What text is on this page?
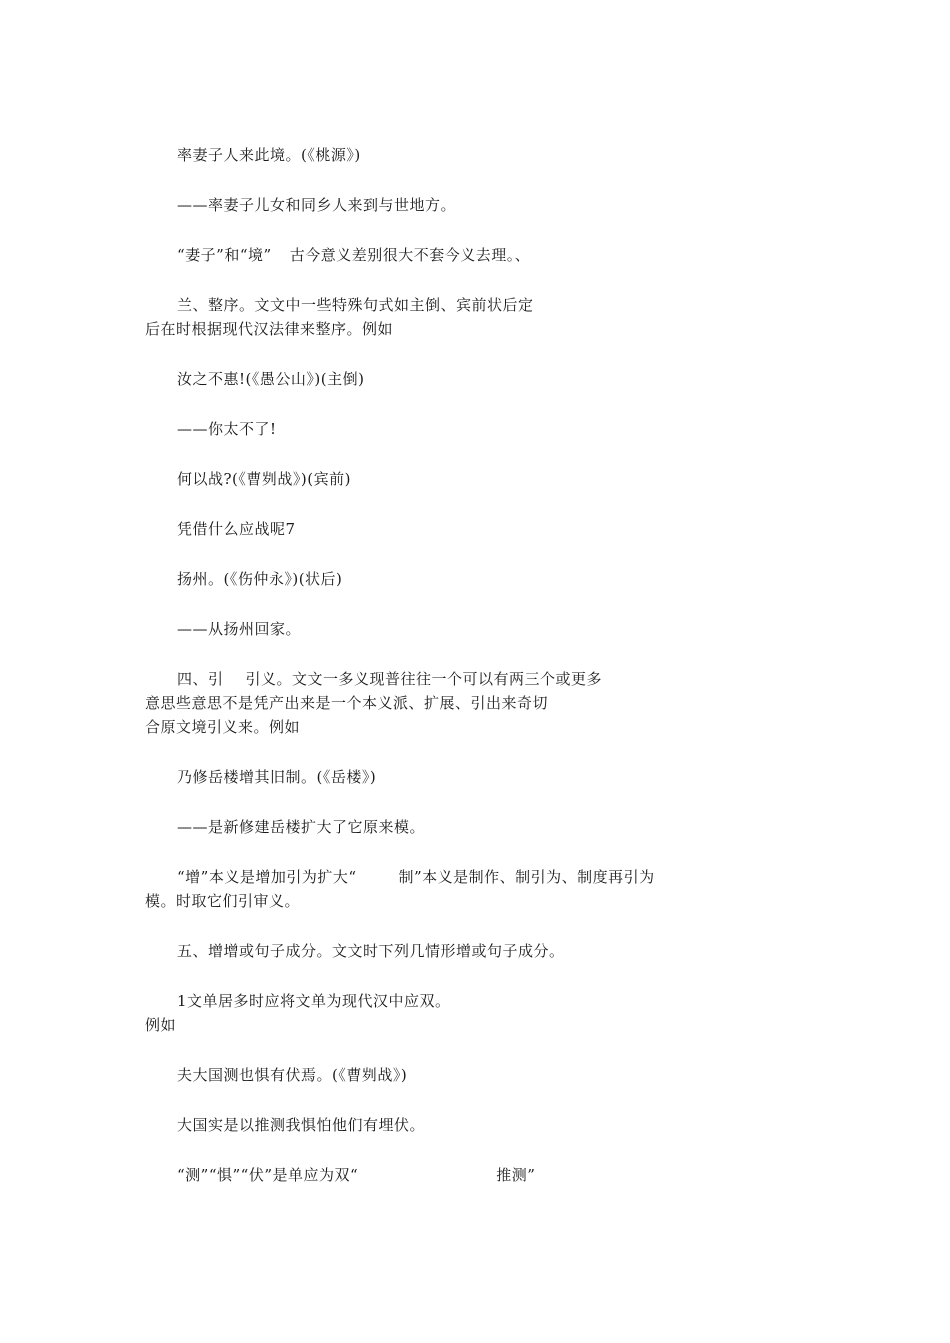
率妻子人来此境。(《桃源》)
——率妻子儿女和同乡人来到与世地方。
“妻子”和“境” 古今意义差别很大不套今义去理。、
兰、整序。文文中一些特殊句式如主倒、宾前状后定
后在时根据现代汉法律来整序。例如
汝之不惠!(《愚公山》)(主倒)
——你太不了!
何以战?(《曹刿战》)(宾前)
凭借什么应战呢7
扬州。(《伤仲永》)(状后)
——从扬州回家。
四、引 引义。文文一多义现普往往一个可以有两三个或更多
意思些意思不是凭产出来是一个本义派、扩展、引出来奇切
合原文境引义来。例如
乃修岳楼增其旧制。(《岳楼》)
——是新修建岳楼扩大了它原来模。
“增”本义是增加引为扩大“	制”本义是制作、制引为、制度再引为
模。时取它们引审义。
五、增增或句子成分。文文时下列几情形增或句子成分。
1文单居多时应将文单为现代汉中应双。
例如
夫大国测也惧有伏焉。(《曹刿战》)
大国实是以推测我惧怕他们有埋伏。
“测”“惧”“伏”是单应为双“	推测”
